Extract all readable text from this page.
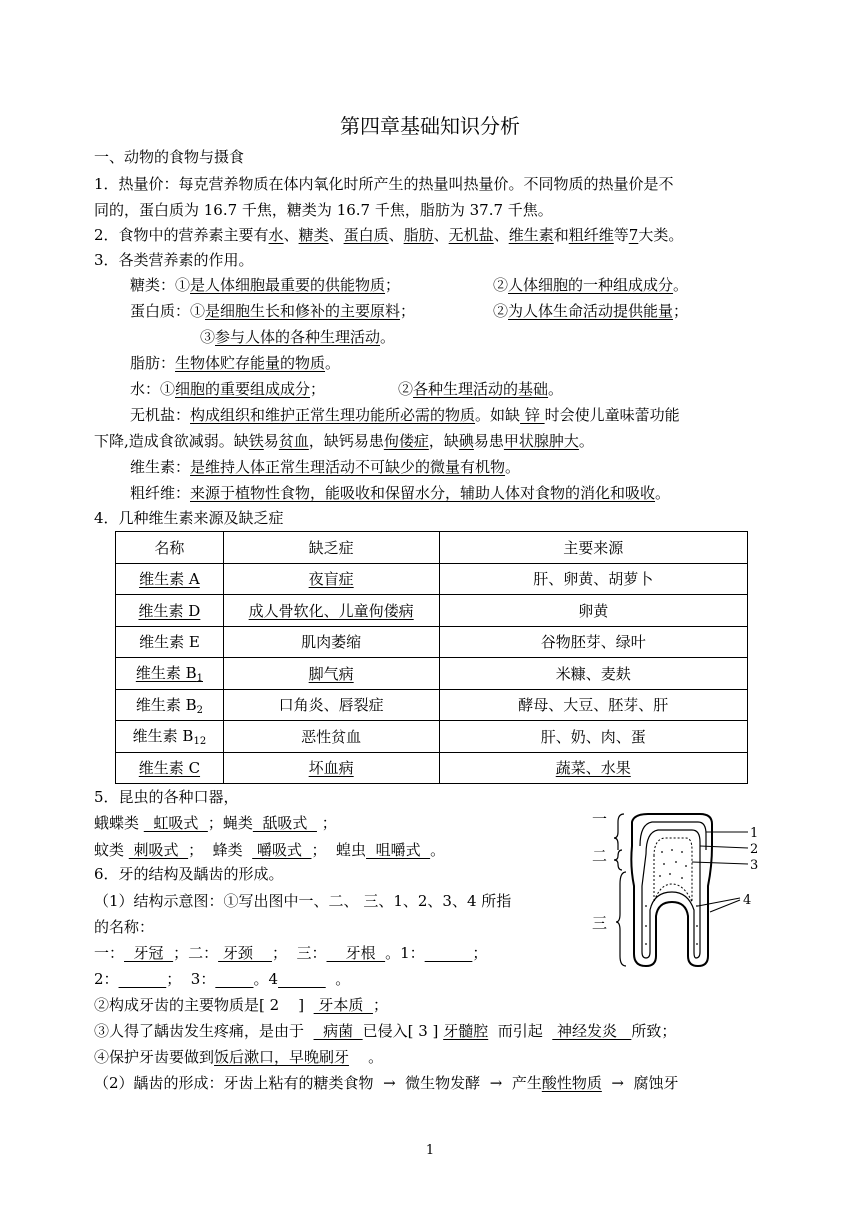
第四章基础知识分析
一、动物的食物与摄食
1．热量价：每克营养物质在体内氧化时所产生的热量叫热量价。不同物质的热量价是不
同的，蛋白质为 16.7 千焦，糖类为 16.7 千焦，脂肪为 37.7 千焦。
2．食物中的营养素主要有水、糖类、蛋白质、脂肪、无机盐、维生素和粗纤维等7大类。
3．各类营养素的作用。
糖类：①是人体细胞最重要的供能物质；	②人体细胞的一种组成成分。
蛋白质：①是细胞生长和修补的主要原料；	②为人体生命活动提供能量；
③参与人体的各种生理活动。
脂肪：生物体贮存能量的物质。
水：①细胞的重要组成成分；	②各种生理活动的基础。
无机盐：构成组织和维护正常生理功能所必需的物质。如缺 锌 时会使儿童味蕾功能
下降,造成食欲减弱。缺铁易贫血，缺钙易患佝偻症，缺碘易患甲状腺肿大。
维生素：是维持人体正常生理活动不可缺少的微量有机物。
粗纤维：来源于植物性食物，能吸收和保留水分，辅助人体对食物的消化和吸收。
4．几种维生素来源及缺乏症
名称	缺乏症	主要来源
维生素 A	夜盲症	肝、卵黄、胡萝卜
维生素 D	成人骨软化、儿童佝偻病	卵黄
维生素 E	肌肉萎缩	谷物胚芽、绿叶
维生素 $B_1$	脚气病	米糠、麦麸
维生素 $B_2$	口角炎、唇裂症	酵母、大豆、胚芽、肝
维生素 $B_{12}$	恶性贫血	肝、奶、肉、蛋
维生素 C	坏血病	蔬菜、水果
5．昆虫的各种口器，
蛾蝶类   虹吸式  ；蝇类  舐吸式   ；
蚊类  刺吸式  ；  蜂类   嚼吸式  ；  蝗虫  咀嚼式  。
6．牙的结构及龋齿的形成。
（1）结构示意图：①写出图中一、二、 三、1、2、3、4 所指
的名称：
一：  牙冠  ；二： 牙颈    ；  三：    牙根  。1：	；
2：	；  3：	。4	。
②构成牙齿的主要物质是[ 2    ]   牙本质  ；
③人得了龋齿发生疼痛，是由于    病菌  已侵入[ 3 ] 牙髓腔  而引起   神经发炎   所致；
④保护牙齿要做到饭后漱口，早晚刷牙    。
（2）龋齿的形成：牙齿上粘有的糖类食物  →  微生物发酵  →  产生酸性物质  →  腐蚀牙
一
二
三
1
2
3
4
1
